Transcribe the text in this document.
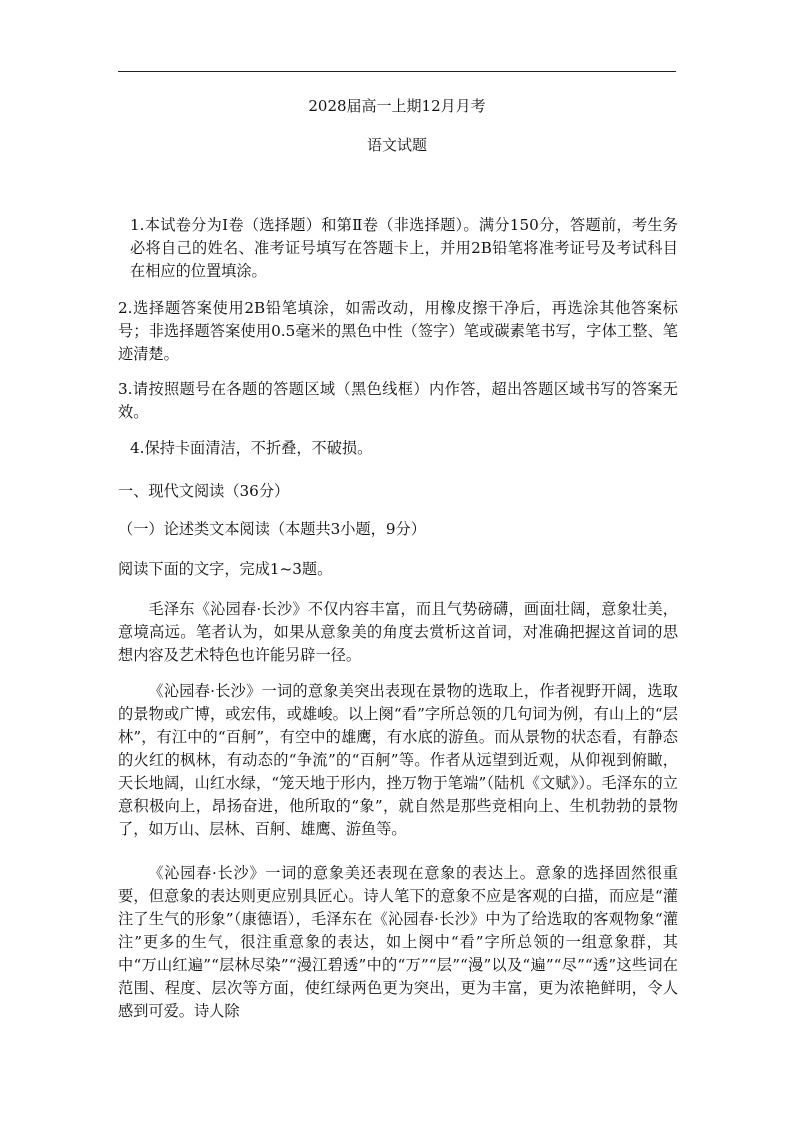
2028届高一上期12月月考
语文试题

1.本试卷分为Ⅰ卷（选择题）和第Ⅱ卷（非选择题）。满分150分，答题前，考生务必将自己的姓名、准考证号填写在答题卡上，并用2B铅笔将准考证号及考试科目在相应的位置填涂。

2.选择题答案使用2B铅笔填涂，如需改动，用橡皮擦干净后，再选涂其他答案标号；非选择题答案使用0.5毫米的黑色中性（签字）笔或碳素笔书写，字体工整、笔迹清楚。

3.请按照题号在各题的答题区域（黑色线框）内作答，超出答题区域书写的答案无效。

4.保持卡面清洁，不折叠，不破损。

一、现代文阅读（36分）

（一）论述类文本阅读（本题共3小题，9分）

阅读下面的文字，完成1~3题。

毛泽东《沁园春·长沙》不仅内容丰富，而且气势磅礴，画面壮阔，意象壮美，意境高远。笔者认为，如果从意象美的角度去赏析这首词，对准确把握这首词的思想内容及艺术特色也许能另辟一径。

《沁园春·长沙》一词的意象美突出表现在景物的选取上，作者视野开阔，选取的景物或广博，或宏伟，或雄峻。以上阕“看”字所总领的几句词为例，有山上的“层林”，有江中的“百舸”，有空中的雄鹰，有水底的游鱼。而从景物的状态看，有静态的火红的枫林，有动态的“争流”的“百舸”等。作者从远望到近观，从仰视到俯瞰，天长地阔，山红水绿，“笼天地于形内，挫万物于笔端”（陆机《文赋》）。毛泽东的立意积极向上，昂扬奋进，他所取的“象”，就自然是那些竞相向上、生机勃勃的景物了，如万山、层林、百舸、雄鹰、游鱼等。

《沁园春·长沙》一词的意象美还表现在意象的表达上。意象的选择固然很重要，但意象的表达则更应别具匠心。诗人笔下的意象不应是客观的白描，而应是“灌注了生气的形象”（康德语），毛泽东在《沁园春·长沙》中为了给选取的客观物象“灌注”更多的生气，很注重意象的表达，如上阕中“看”字所总领的一组意象群，其中“万山红遍”“层林尽染”“漫江碧透”中的“万”“层”“漫”以及“遍”“尽”“透”这些词在范围、程度、层次等方面，使红绿两色更为突出，更为丰富，更为浓艳鲜明，令人感到可爱。诗人除
